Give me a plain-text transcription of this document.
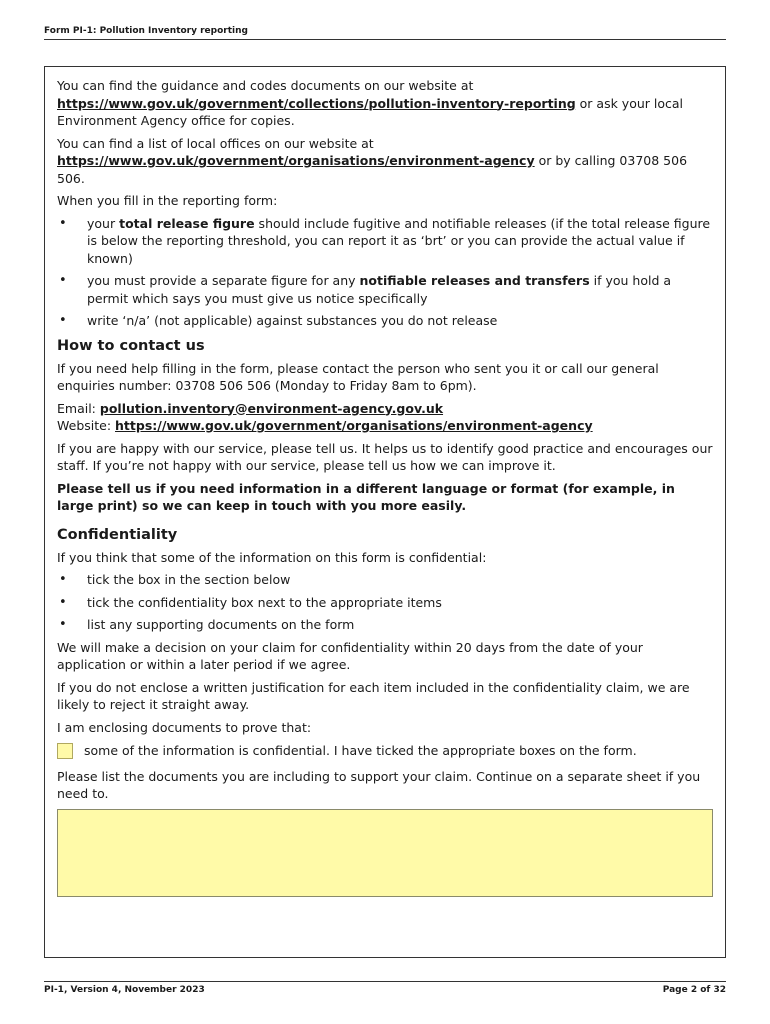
Form PI-1: Pollution Inventory reporting

You can find the guidance and codes documents on our website at https://www.gov.uk/government/collections/pollution-inventory-reporting or ask your local Environment Agency office for copies.

You can find a list of local offices on our website at https://www.gov.uk/government/organisations/environment-agency or by calling 03708 506 506.

When you fill in the reporting form:

• your total release figure should include fugitive and notifiable releases (if the total release figure is below the reporting threshold, you can report it as ‘brt’ or you can provide the actual value if known)
• you must provide a separate figure for any notifiable releases and transfers if you hold a permit which says you must give us notice specifically
• write ‘n/a’ (not applicable) against substances you do not release
How to contact us

If you need help filling in the form, please contact the person who sent you it or call our general enquiries number: 03708 506 506 (Monday to Friday 8am to 6pm).

Email: pollution.inventory@environment-agency.gov.uk
Website: https://www.gov.uk/government/organisations/environment-agency

If you are happy with our service, please tell us. It helps us to identify good practice and encourages our staff. If you’re not happy with our service, please tell us how we can improve it.

Please tell us if you need information in a different language or format (for example, in large print) so we can keep in touch with you more easily.

Confidentiality

If you think that some of the information on this form is confidential:

• tick the box in the section below
• tick the confidentiality box next to the appropriate items
• list any supporting documents on the form

We will make a decision on your claim for confidentiality within 20 days from the date of your application or within a later period if we agree.

If you do not enclose a written justification for each item included in the confidentiality claim, we are likely to reject it straight away.

I am enclosing documents to prove that:

some of the information is confidential. I have ticked the appropriate boxes on the form.

Please list the documents you are including to support your claim. Continue on a separate sheet if you need to.

PI-1, Version 4, November 2023	Page 2 of 32
